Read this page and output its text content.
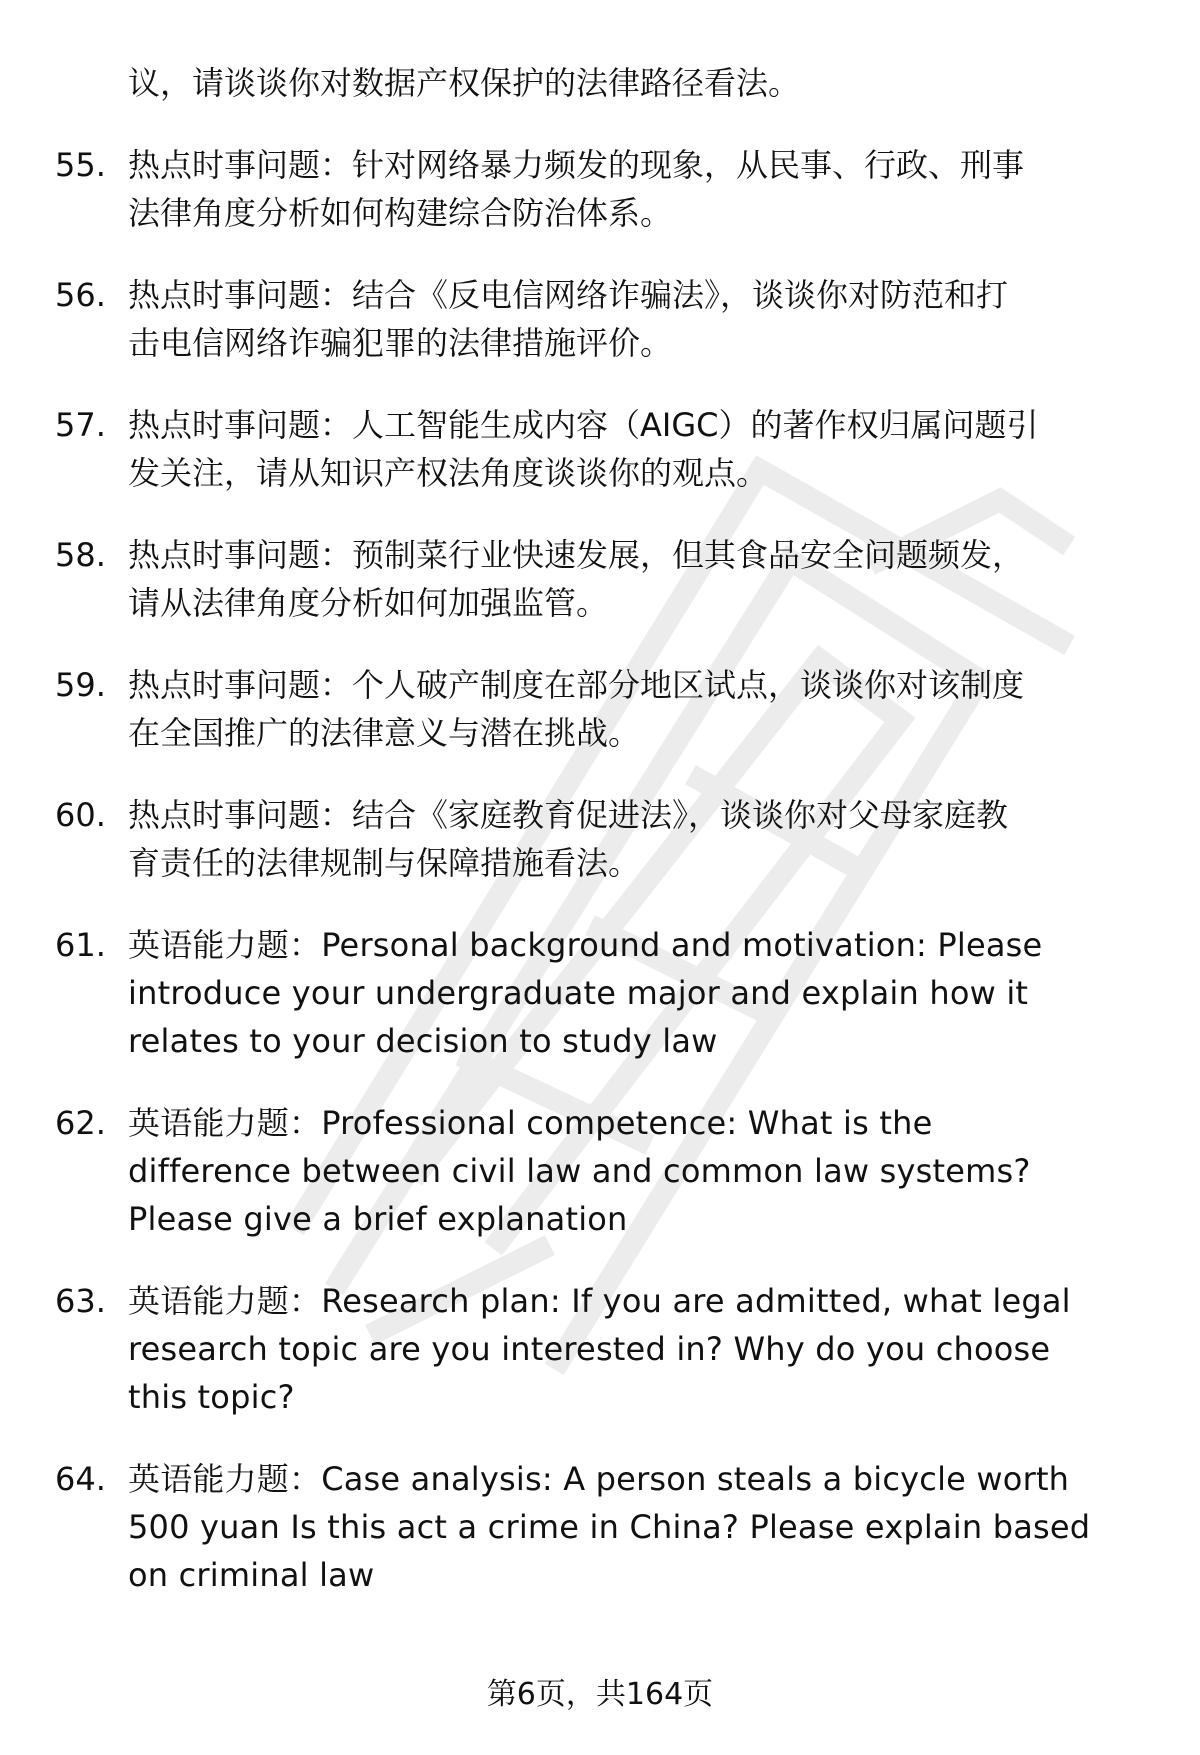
议，请谈谈你对数据产权保护的法律路径看法。
55. 热点时事问题：针对网络暴力频发的现象，从民事、行政、刑事
法律角度分析如何构建综合防治体系。
56. 热点时事问题：结合《反电信网络诈骗法》，谈谈你对防范和打
击电信网络诈骗犯罪的法律措施评价。
57. 热点时事问题：人工智能生成内容（AIGC）的著作权归属问题引
发关注，请从知识产权法角度谈谈你的观点。
58. 热点时事问题：预制菜行业快速发展，但其食品安全问题频发，
请从法律角度分析如何加强监管。
59. 热点时事问题：个人破产制度在部分地区试点，谈谈你对该制度
在全国推广的法律意义与潜在挑战。
60. 热点时事问题：结合《家庭教育促进法》，谈谈你对父母家庭教
育责任的法律规制与保障措施看法。
61. 英语能力题：Personal background and motivation: Please
introduce your undergraduate major and explain how it
relates to your decision to study law
62. 英语能力题：Professional competence: What is the
difference between civil law and common law systems?
Please give a brief explanation
63. 英语能力题：Research plan: If you are admitted, what legal
research topic are you interested in? Why do you choose
this topic?
64. 英语能力题：Case analysis: A person steals a bicycle worth
500 yuan Is this act a crime in China? Please explain based
on criminal law
第6页，共164页
